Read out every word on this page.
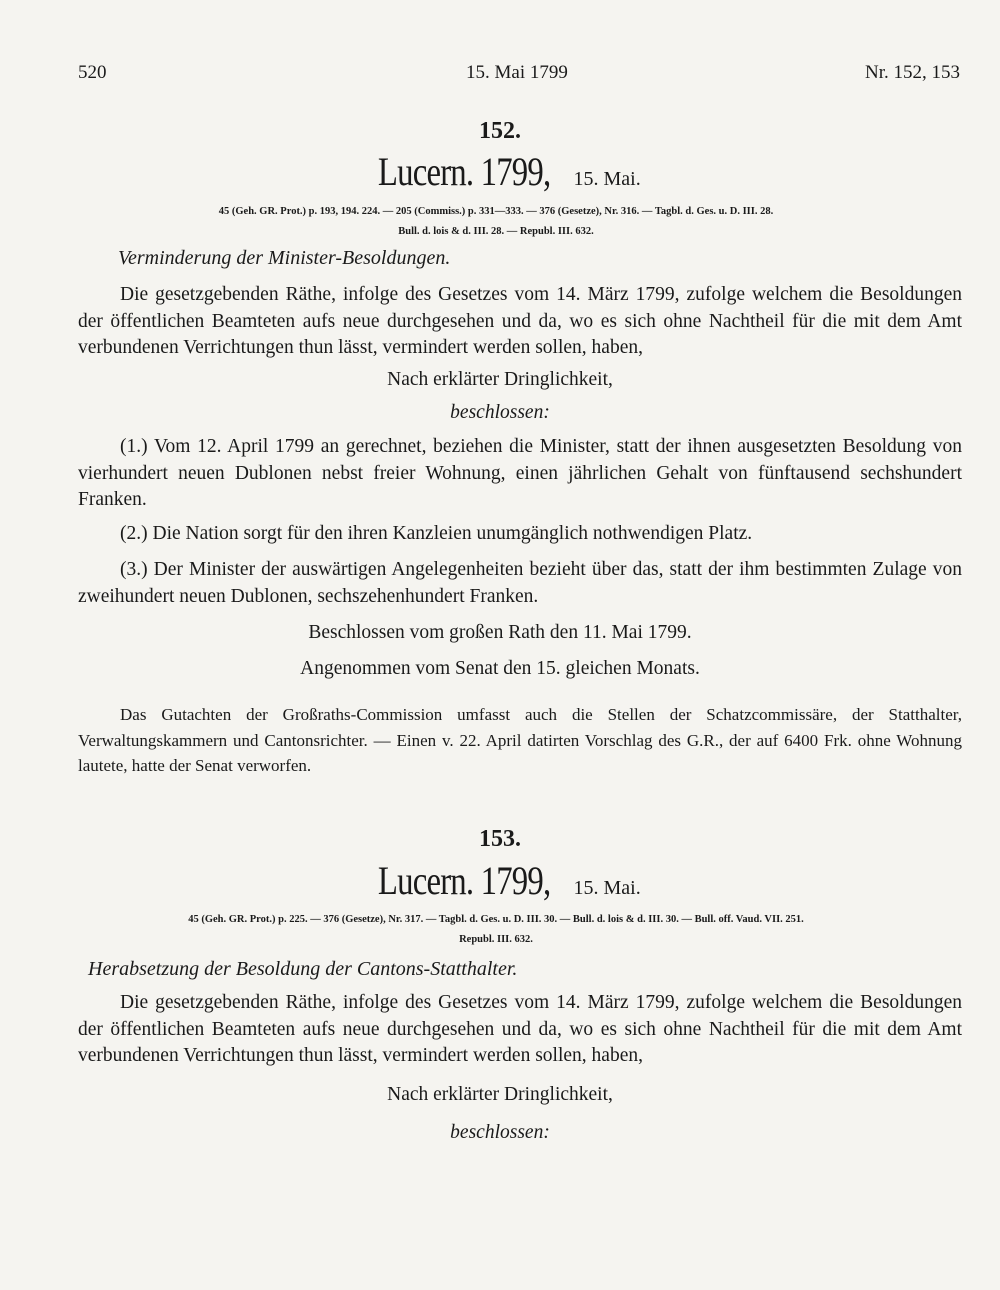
520	15. Mai 1799	Nr. 152, 153
152.
Lucern. 1799, 15. Mai.
45 (Geh. GR. Prot.) p. 193, 194. 224. — 205 (Commiss.) p. 331—333. — 376 (Gesetze), Nr. 316. — Tagbl. d. Ges. u. D. III. 28.
Bull. d. lois & d. III. 28. — Republ. III. 632.
Verminderung der Minister-Besoldungen.
Die gesetzgebenden Räthe, infolge des Gesetzes vom 14. März 1799, zufolge welchem die Besoldungen der öffentlichen Beamteten aufs neue durchgesehen und da, wo es sich ohne Nachtheil für die mit dem Amt verbundenen Verrichtungen thun lässt, vermindert werden sollen, haben,
Nach erklärter Dringlichkeit,
beschlossen:
(1.) Vom 12. April 1799 an gerechnet, beziehen die Minister, statt der ihnen ausgesetzten Besoldung von vierhundert neuen Dublonen nebst freier Wohnung, einen jährlichen Gehalt von fünftausend sechshundert Franken.
(2.) Die Nation sorgt für den ihren Kanzleien unumgänglich nothwendigen Platz.
(3.) Der Minister der auswärtigen Angelegenheiten bezieht über das, statt der ihm bestimmten Zulage von zweihundert neuen Dublonen, sechszehenhundert Franken.
Beschlossen vom großen Rath den 11. Mai 1799.
Angenommen vom Senat den 15. gleichen Monats.
Das Gutachten der Großraths-Commission umfasst auch die Stellen der Schatzcommissäre, der Statthalter, Verwaltungskammern und Cantonsrichter. — Einen v. 22. April datirten Vorschlag des G.R., der auf 6400 Frk. ohne Wohnung lautete, hatte der Senat verworfen.
153.
Lucern. 1799, 15. Mai.
45 (Geh. GR. Prot.) p. 225. — 376 (Gesetze), Nr. 317. — Tagbl. d. Ges. u. D. III. 30. — Bull. d. lois & d. III. 30. — Bull. off. Vaud. VII. 251.
Republ. III. 632.
Herabsetzung der Besoldung der Cantons-Statthalter.
Die gesetzgebenden Räthe, infolge des Gesetzes vom 14. März 1799, zufolge welchem die Besoldungen der öffentlichen Beamteten aufs neue durchgesehen und da, wo es sich ohne Nachtheil für die mit dem Amt verbundenen Verrichtungen thun lässt, vermindert werden sollen, haben,
Nach erklärter Dringlichkeit,
beschlossen:
